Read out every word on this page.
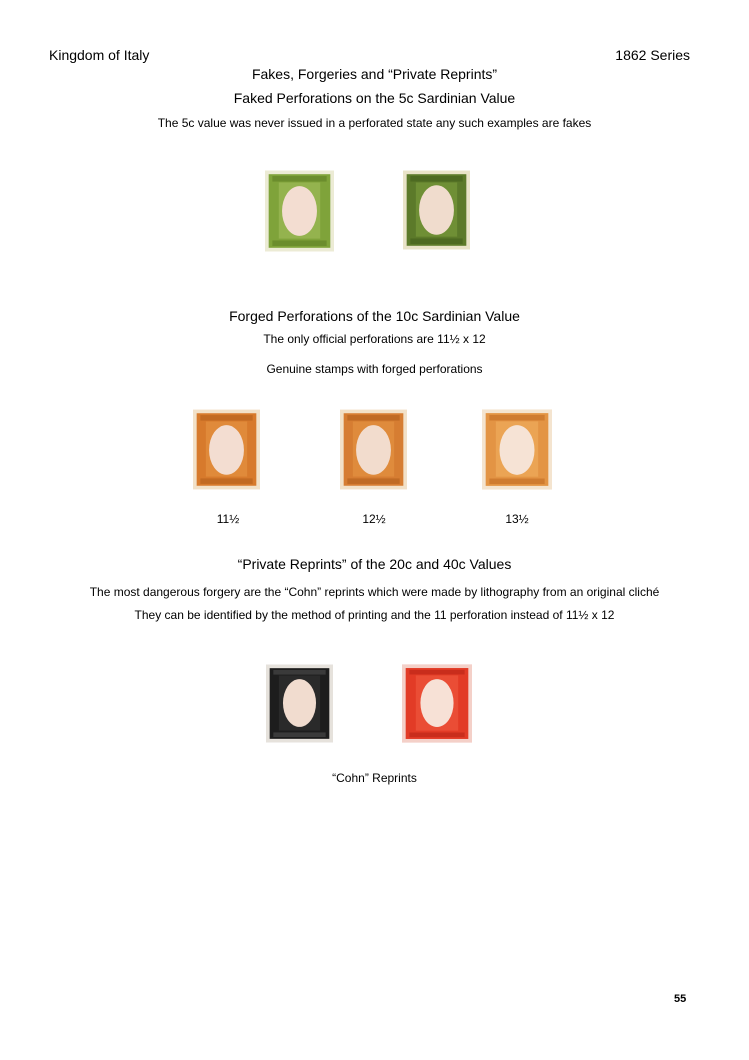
Kingdom of Italy	1862 Series
Fakes, Forgeries and “Private Reprints”
Faked Perforations on the 5c Sardinian Value
The 5c value was never issued in a perforated state any such examples are fakes
Forged Perforations of the 10c Sardinian Value
The only official perforations are 11½ x 12
Genuine stamps with forged perforations
11½	12½	13½
“Private Reprints” of the 20c and 40c Values
The most dangerous forgery are the “Cohn” reprints which were made by lithography from an original cliché
They can be identified by the method of printing and the 11 perforation instead of 11½ x 12
“Cohn” Reprints
55
